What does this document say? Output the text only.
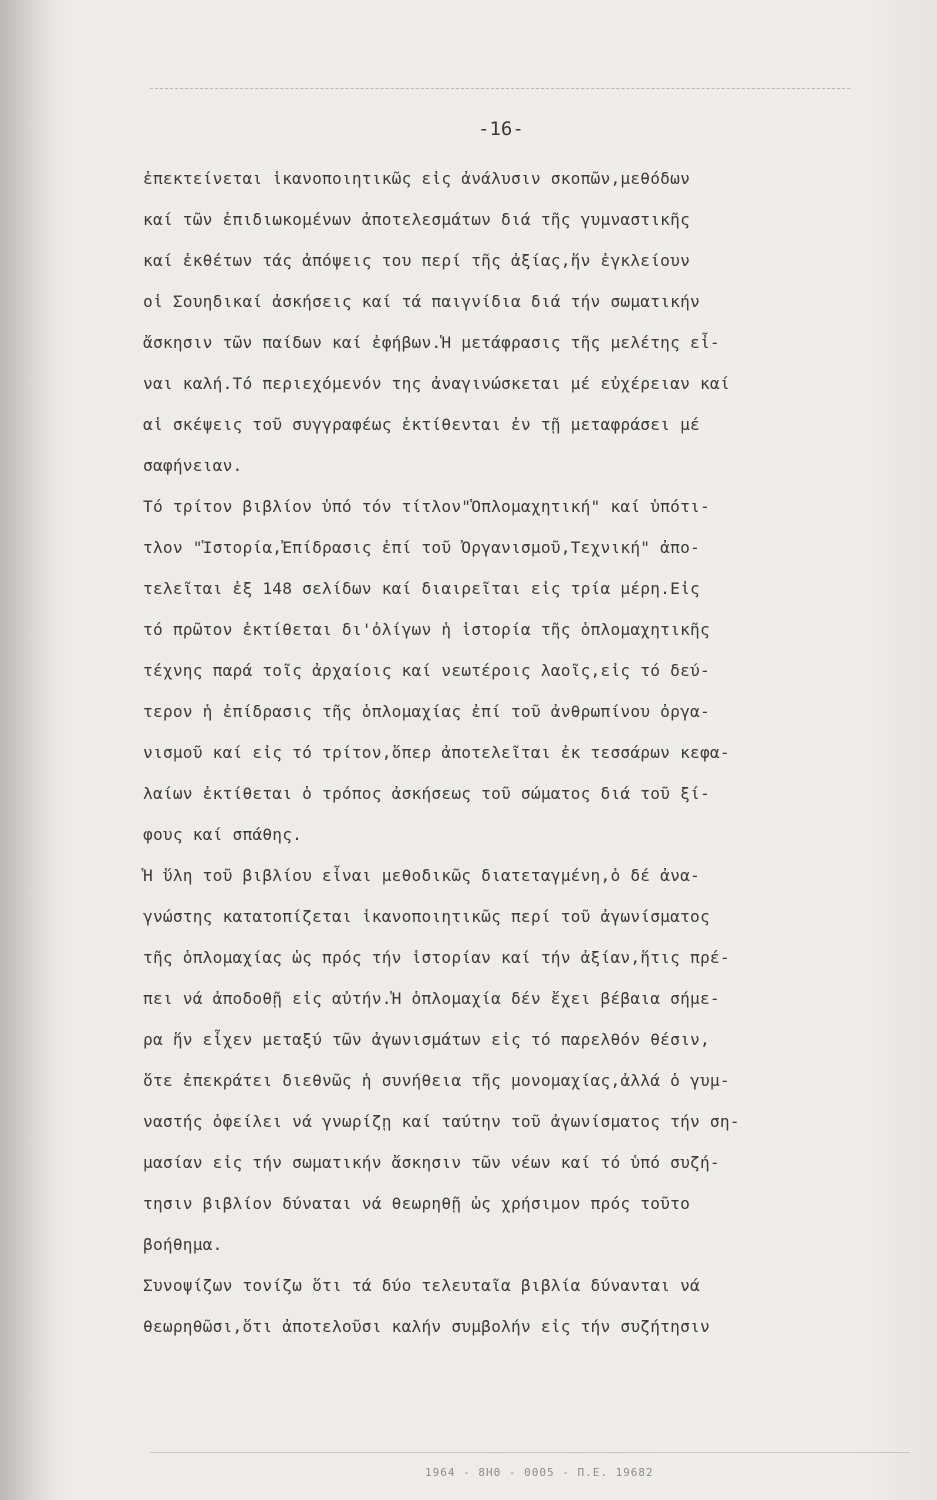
-16-
ἐπεκτείνεται ἱκανοποιητικῶς εἰς ἀνάλυσιν σκοπῶν,μεθόδων
καί τῶν ἐπιδιωκομένων ἀποτελεσμάτων διά τῆς γυμναστικῆς
καί ἐκθέτων τάς ἀπόψεις του περί τῆς ἀξίας,ἥν ἐγκλείουν
οἱ Σουηδικαί ἀσκήσεις καί τά παιγνίδια διά τήν σωματικήν
ἄσκησιν τῶν παίδων καί ἐφήβων.Ἡ μετάφρασις τῆς μελέτης εἶ-
ναι καλή.Τό περιεχόμενόν της ἀναγινώσκεται μέ εὐχέρειαν καί
αἱ σκέψεις τοῦ συγγραφέως ἐκτίθενται ἐν τῇ μεταφράσει μέ
σαφήνειαν.
Τό τρίτον βιβλίον ὑπό τόν τίτλον"Ὁπλομαχητική" καί ὑπότι-
τλον "Ἱστορία,Ἐπίδρασις ἐπί τοῦ Ὀργανισμοῦ,Τεχνική" ἀπο-
τελεῖται ἐξ 148 σελίδων καί διαιρεῖται εἰς τρία μέρη.Εἰς
τό πρῶτον ἐκτίθεται δι'ὀλίγων ἡ ἱστορία τῆς ὁπλομαχητικῆς
τέχνης παρά τοῖς ἀρχαίοις καί νεωτέροις λαοῖς,εἰς τό δεύ-
τερον ἡ ἐπίδρασις τῆς ὁπλομαχίας ἐπί τοῦ ἀνθρωπίνου ὀργα-
νισμοῦ καί εἰς τό τρίτον,ὅπερ ἀποτελεῖται ἐκ τεσσάρων κεφα-
λαίων ἐκτίθεται ὁ τρόπος ἀσκήσεως τοῦ σώματος διά τοῦ ξί-
φους καί σπάθης.
Ἡ ὕλη τοῦ βιβλίου εἶναι μεθοδικῶς διατεταγμένη,ὁ δέ ἀνα-
γνώστης κατατοπίζεται ἱκανοποιητικῶς περί τοῦ ἀγωνίσματος
τῆς ὁπλομαχίας ὡς πρός τήν ἱστορίαν καί τήν ἀξίαν,ἥτις πρέ-
πει νά ἀποδοθῇ εἰς αὐτήν.Ἡ ὁπλομαχία δέν ἔχει βέβαια σήμε-
ρα ἥν εἶχεν μεταξύ τῶν ἀγωνισμάτων εἰς τό παρελθόν θέσιν,
ὅτε ἐπεκράτει διεθνῶς ἡ συνήθεια τῆς μονομαχίας,ἀλλά ὁ γυμ-
ναστής ὀφείλει νά γνωρίζῃ καί ταύτην τοῦ ἀγωνίσματος τήν ση-
μασίαν εἰς τήν σωματικήν ἄσκησιν τῶν νέων καί τό ὑπό συζή-
τησιν βιβλίον δύναται νά θεωρηθῇ ὡς χρήσιμον πρός τοῦτο
βοήθημα.
Συνοψίζων τονίζω ὅτι τά δύο τελευταῖα βιβλία δύνανται νά
θεωρηθῶσι,ὅτι ἀποτελοῦσι καλήν συμβολήν εἰς τήν συζήτησιν
1964 - 8ΗΘ - 0005 - Π.Ε. 19682
